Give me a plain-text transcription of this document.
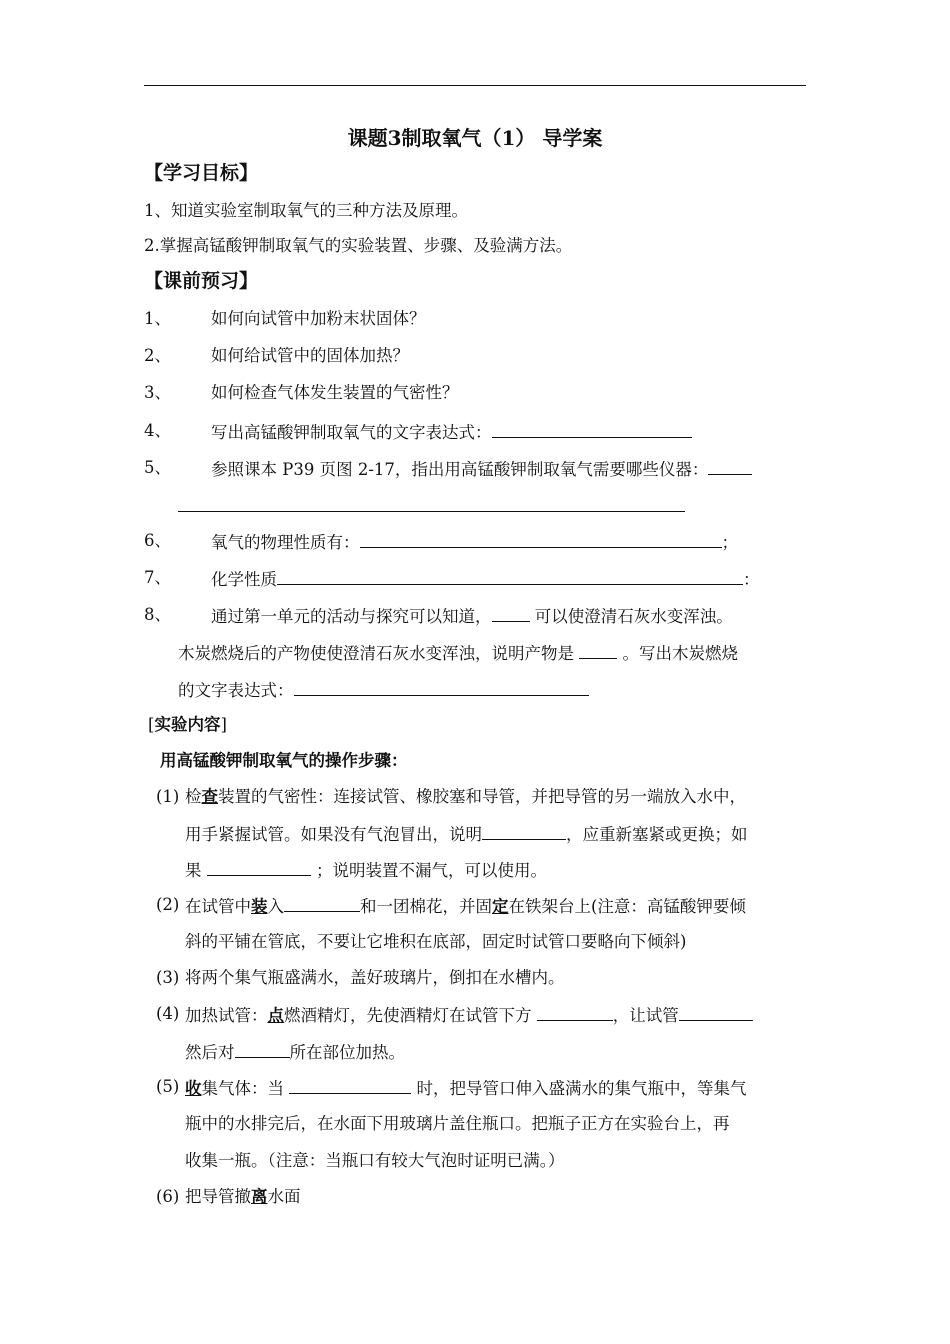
课题3制取氧气（1） 导学案
【学习目标】
1、知道实验室制取氧气的三种方法及原理。
2.掌握高锰酸钾制取氧气的实验装置、步骤、及验满方法。
【课前预习】
1、 如何向试管中加粉末状固体？
2、 如何给试管中的固体加热？
3、 如何检查气体发生装置的气密性？
4、 写出高锰酸钾制取氧气的文字表达式：
5、 参照课本 P39 页图 2-17，指出用高锰酸钾制取氧气需要哪些仪器：
6、 氧气的物理性质有：	；
7、 化学性质	：
8、 通过第一单元的活动与探究可以知道， 可以使澄清石灰水变浑浊。
木炭燃烧后的产物使使澄清石灰水变浑浊，说明产物是  。写出木炭燃烧
的文字表达式：
[实验内容]
用高锰酸钾制取氧气的操作步骤：
(1) 检查装置的气密性：连接试管、橡胶塞和导管，并把导管的另一端放入水中，
用手紧握试管。如果没有气泡冒出，说明	，应重新塞紧或更换；如
果	；说明装置不漏气，可以使用。
(2) 在试管中装入	和一团棉花，并固定在铁架台上(注意：高锰酸钾要倾
斜的平铺在管底，不要让它堆积在底部，固定时试管口要略向下倾斜)
(3) 将两个集气瓶盛满水，盖好玻璃片，倒扣在水槽内。
(4) 加热试管：点燃酒精灯，先使酒精灯在试管下方	，让试管
然后对	所在部位加热。
(5) 收集气体：当	时，把导管口伸入盛满水的集气瓶中，等集气
瓶中的水排完后，在水面下用玻璃片盖住瓶口。把瓶子正方在实验台上，再
收集一瓶。（注意：当瓶口有较大气泡时证明已满。）
(6) 把导管撤离水面
